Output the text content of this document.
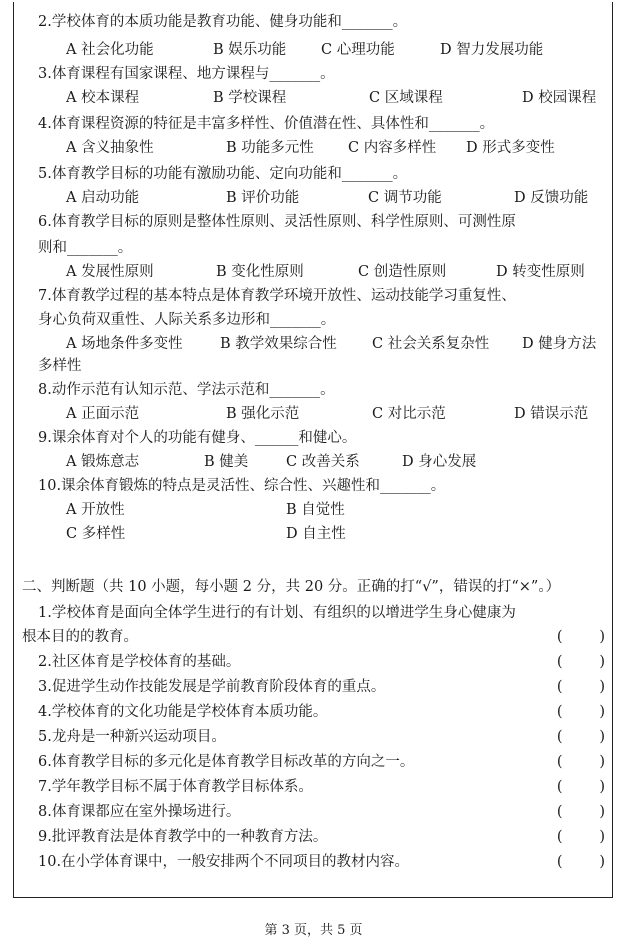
2.学校体育的本质功能是教育功能、健身功能和_______。
A 社会化功能	B 娱乐功能 C 心理功能	D 智力发展功能
3.体育课程有国家课程、地方课程与_______。
A 校本课程	B 学校课程	C 区域课程	D 校园课程
4.体育课程资源的特征是丰富多样性、价值潜在性、具体性和_______。
A 含义抽象性	B 功能多元性 C 内容多样性 D 形式多变性
5.体育教学目标的功能有激励功能、定向功能和_______。
A 启动功能	B 评价功能	C 调节功能	D 反馈功能
6.体育教学目标的原则是整体性原则、灵活性原则、科学性原则、可测性原
则和_______。
A 发展性原则	B 变化性原则	C 创造性原则	D 转变性原则
7.体育教学过程的基本特点是体育教学环境开放性、运动技能学习重复性、
身心负荷双重性、人际关系多边形和_______。
A 场地条件多变性	B 教学效果综合性 C 社会关系复杂性 D 健身方法
多样性
8.动作示范有认知示范、学法示范和_______。
A 正面示范	B 强化示范	C 对比示范	D 错误示范
9.课余体育对个人的功能有健身、______和健心。
A 锻炼意志	B 健美	C 改善关系	D 身心发展
10.课余体育锻炼的特点是灵活性、综合性、兴趣性和_______。
A 开放性	B 自觉性
C 多样性	D 自主性
二、判断题（共 10 小题，每小题 2 分，共 20 分。正确的打“√”，错误的打“×”。）
1.学校体育是面向全体学生进行的有计划、有组织的以增进学生身心健康为
根本目的的教育。	(        )
2.社区体育是学校体育的基础。	(        )
3.促进学生动作技能发展是学前教育阶段体育的重点。	(        )
4.学校体育的文化功能是学校体育本质功能。	(        )
5.龙舟是一种新兴运动项目。	(        )
6.体育教学目标的多元化是体育教学目标改革的方向之一。	(        )
7.学年教学目标不属于体育教学目标体系。	(        )
8.体育课都应在室外操场进行。	(        )
9.批评教育法是体育教学中的一种教育方法。	(        )
10.在小学体育课中，一般安排两个不同项目的教材内容。	(        )
第 3 页，共 5 页
